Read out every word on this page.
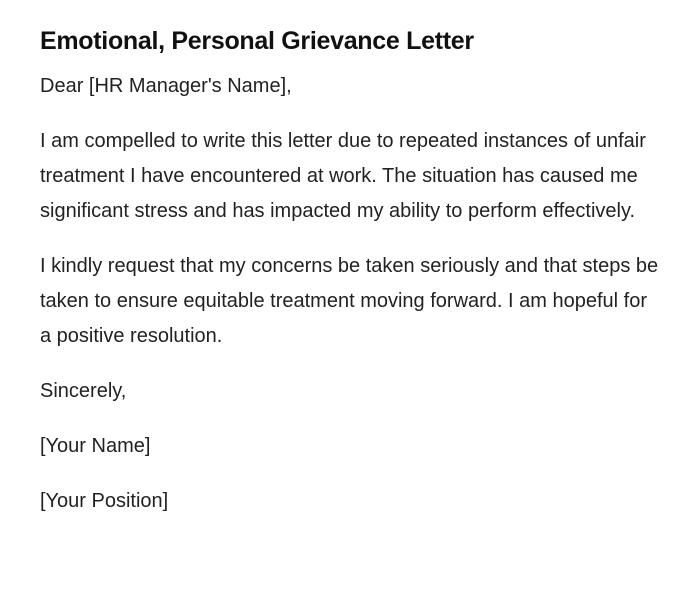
Emotional, Personal Grievance Letter

Dear [HR Manager's Name],

I am compelled to write this letter due to repeated instances of unfair treatment I have encountered at work. The situation has caused me significant stress and has impacted my ability to perform effectively.

I kindly request that my concerns be taken seriously and that steps be taken to ensure equitable treatment moving forward. I am hopeful for a positive resolution.

Sincerely,

[Your Name]

[Your Position]
